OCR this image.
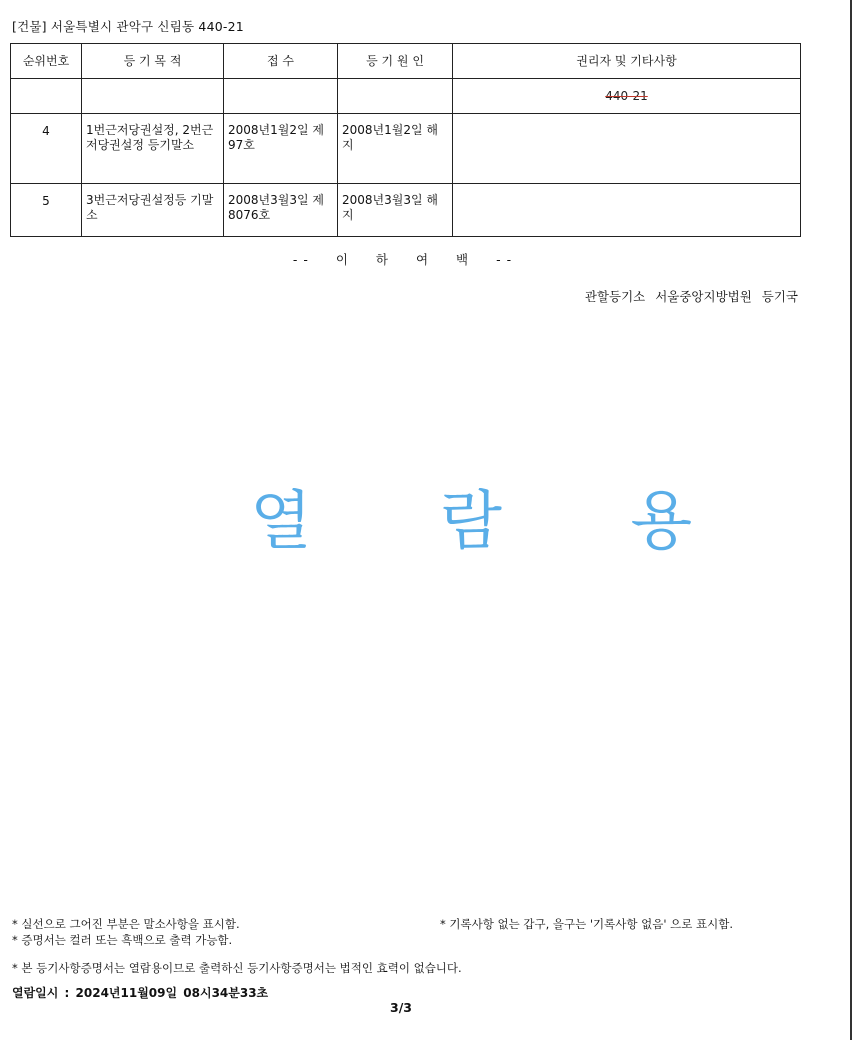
[건물] 서울특별시 관악구 신림동 440-21
순위번호	등 기 목 적	접 수	등 기 원 인	권리자 및 기타사항
				440-21
4	1번근저당권설정, 2번근저당권설정 등기말소	2008년1월2일 제97호	2008년1월2일 해지	
5	3번근저당권설정등 기말소	2008년3월3일 제8076호	2008년3월3일 해지	
-- 이 하 여 백 --
관할등기소 서울중앙지방법원 등기국
열 람 용
* 실선으로 그어진 부분은 말소사항을 표시함.	* 기록사항 없는 갑구, 을구는 '기록사항 없음' 으로 표시함.
* 증명서는 컬러 또는 흑백으로 출력 가능함.
* 본 등기사항증명서는 열람용이므로 출력하신 등기사항증명서는 법적인 효력이 없습니다.
열람일시 : 2024년11월09일 08시34분33초
3/3
